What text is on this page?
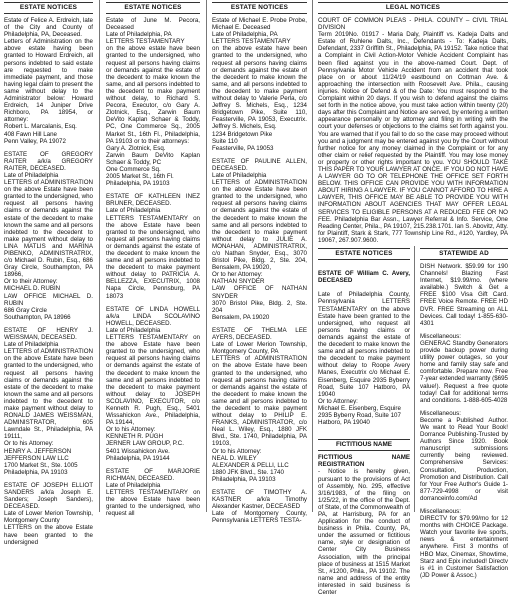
ESTATE NOTICES
Estate of Felice A. Erdreich, late of the City and County of Philadelphia, PA, Deceased.
Letters of Administration on the above estate having been granted to Howard Erdreich, all persons indebted to said estate are requested to make immediate payment, and those having legal claim to present the same without delay to the Administrator below: Howard Erdreich, 14 Juniper Drive Richboro, PA 18954, or attorney:
Robert L. Marcalanis, Esq.
408 Fawn Hill Lane
Penn Valley, PA 19072
ESTATE OF GREGORY RAITER a/k/a GREGORY RAITER, DECEASED.
Late of Philadelphia
LETTERS of ADMINISTRATION on the above Estate have been granted to the undersigned, who request all persons having claims or demands against the estate of the decedent to make known the same and all persons indebted to the decedent to make payment without delay to LINA MATLIS and MARINA PIBENKO, ADMINISTRATRIX, c/o Michael D. Rubin, Esq., 686 Gray Circle, Southampton, PA 18966,
Or to their Attorney:
MICHAEL D. RUBIN
LAW OFFICE MICHAEL D. RUBIN
686 Gray Circle
Southampton, PA 18966
ESTATE OF HENRY J. WEISSMAN, DECEASED.
Late of Philadelphia
LETTERS of ADMINISTRATION on the above Estate have been granted to the undersigned, who request all persons having claims or demands against the estate of the decedent to make known the same and all persons indebted to the decedent to make payment without delay to RONALD JAMES WEISSMAN, ADMINISTRATOR, 605 Lawndale St., Philadelphia, PA 19111,
Or to his Attorney:
HENRY A. JEFFERSON
JEFFERSON LAW LLC
1700 Market St., Ste. 1005
Philadelphia, PA 19103
ESTATE OF JOSEPH ELLIOT SANDERS a/k/a Joseph E. Sanders; Joseph Sanders), DECEASED.
Late of Lower Merion Township, Montgomery County
LETTERS on the above Estate have been granted to the undersigned
ESTATE NOTICES
Estate of June M. Pecora, Deceased
Late of Philadelphia, PA
LETTERS TESTAMENTARY
on the above estate have been granted to the undersigned, who request all persons having claims or demands against the estate of the decedent to make known the same, and all persons indebted to the decedent to make payment without delay, to Richard S. Pecora, Executor, c/o Gary A. Zlotnick, Esq., Zarwin Baum DeVito Kaplan Schaer & Toddy, PC, One Commerce Sq., 2005 Market St., 16th Fl., Philadelphia, PA 19103 or to their attorneys:
Gary A. Zlotnick, Esq.
Zarwin Baum DeVito Kaplan Schaer & Toddy, PC
One Commerce Sq.
2005 Market St., 16th Fl.
Philadelphia, PA 19103
ESTATE OF KATHLEEN INEZ BRUNER, DECEASED.
Late of Philadelphia
LETTERS TESTAMENTARY on the above Estate have been granted to the undersigned, who request all persons having claims or demands against the estate of the decedent to make known the same and all persons indebted to the decedent to make payment without delay to PATRICIA A. BELLEZZA, EXECUTRIX, 1008 Napa Circle, Pennsburg, PA 18073
ESTATE OF LINDA HOWELL a/k/a LINDA SCOLAVINO HOWELL, DECEASED.
Late of Philadelphia
LETTERS TESTAMENTARY on the above Estate have been granted to the undersigned, who request all persons having claims or demands against the estate of the decedent to make known the same and all persons indebted to the decedent to make payment without delay to JOSEPH SCOLAVINO, EXECUTOR, c/o Kenneth R. Pugh, Esq., 5401 Wissahickon Ave., Philadelphia, PA 19144,
Or to his Attorney:
KENNETH R. PUGH
JERNER LAW GROUP, P.C.
5401 Wissahickon Ave.
Philadelphia, PA 19144
ESTATE OF MARJORIE RICHMAN, DECEASED.
Late of Philadelphia
LETTERS TESTAMENTARY on the above Estate have been granted to the undersigned, who request all
ESTATE NOTICES
Estate of Michael E. Probe Probe, Michael E. Deceased
Late of Philadelphia, PA
LETTERS TESTAMENTARY
on the above estate have been granted to the undersigned, who request all persons having claims or demands against the estate of the decedent to make known the same, and all persons indebted to the decedent to make payment without delay to Valerie Perla, c/o Jeffrey S. Michels, Esq., 1234 Bridgetown Pike, Suite 110, Feasterville, PA 19053, Executrix. Jeffrey S. Michels, Esq.
1234 Bridgetown Pike
Suite 110
Feasterville, PA 19053
ESTATE OF PAULINE ALLEN, DECEASED.
Late of Philadelphia
LETTERS of ADMINISTRATION on the above Estate have been granted to the undersigned, who request all persons having claims or demands against the estate of the decedent to make known the same and all persons indebted to the decedent to make payment without delay to JULIE A. MONAHAN, ADMINISTRATRIX, c/o Nathan Snyder, Esq., 3070 Bristol Pike, Bldg. 2, Ste. 204, Bensalem, PA 19020,
Or to her Attorney:
NATHAN SNYDER
LAW OFFICE OF NATHAN SNYDER
3070 Bristol Pike, Bldg. 2, Ste. 204
Bensalem, PA 19020
ESTATE OF THELMA LEE AYERS, DECEASED.
Late of Lower Merion Township, Montgomery County, PA
LETTERS of ADMINISTRATION on the above Estate have been granted to the undersigned, who request all persons having claims or demands against the estate of the decedent to make known the same and all persons indebted to the decedent to make payment without delay to PHILIP E. FRANKS, ADMINISTRATOR, c/o Neal L. Wiley, Esq., 1880 JFK Blvd., Ste. 1740, Philadelphia, PA 19103,
Or to his Attorney:
NEAL D. WILEY
ALEXANDER & PELLI, LLC
1880 JFK Blvd., Ste. 1740
Philadelphia, PA 19103
ESTATE OF TIMOTHY A. KASTNER a/k/a Timothy Alexander Kastner, DECEASED
Late of Montgomery County, Pennsylvania LETTERS TESTA-
LEGAL NOTICES
COURT OF COMMON PLEAS - PHILA. COUNTY – CIVIL TRIAL DIVISION
Term 2019No. 01917 - Maria Daly, Plaintiff vs. Kadeja Dalts and Estate of Ruhlene Dalts, Inc., Defendants - To: Kadeja Dalts, Defendant, 2337 Griffith St., Philadelphia, PA 19152. Take notice that a Complaint in Civil Action-Motor Vehicle Accident Complaint has been filed against you in the above-named Court. Dept. of Pennsylvania Motor Vehicle Accident from an accident that took place on or about 11/24/19 eastbound on Cottman Ave. & approaching the intersection with Roosevelt Ave. Phila., causing injuries. Notice of Defend & of the Date: You must respond to the Complaint within 20 days. If you wish to defend against the claims set forth in the notice above, you must take action within twenty (20) days after this Complaint and Notice are served, by entering a written appearance personally or by attorney and filing in writing with the court your defenses or objections to the claims set forth against you. You are warned that if you fail to do so the case may proceed without you and a judgment may be entered against you by the Court without further notice for any money claimed in the Complaint or for any other claim or relief requested by the Plaintiff. You may lose money or property or other rights important to you. YOU SHOULD TAKE THIS PAPER TO YOUR LAWYER AT ONCE. IF YOU DO NOT HAVE A LAWYER GO TO OR TELEPHONE THE OFFICE SET FORTH BELOW. THIS OFFICE CAN PROVIDE YOU WITH INFORMATION ABOUT HIRING A LAWYER. IF YOU CANNOT AFFORD TO HIRE A LAWYER, THIS OFFICE MAY BE ABLE TO PROVIDE YOU WITH INFORMATION ABOUT AGENCIES THAT MAY OFFER LEGAL SERVICES TO ELIGIBLE PERSONS AT A REDUCED FEE OR NO FEE. Philadelphia Bar Assn., Lawyer Referral & Info. Service, One Reading Center, Phila., PA 19107, 215.238.1701. Ian S. Abovitz, Atty. for Plaintiff, Stark & Stark, 777 Township Line Rd., #120, Yardley, PA 19067, 267.907.9600.
ESTATE NOTICES

ESTATE OF William C. Avery, DECEASED

Late of Philadelphia County, Pennsylvania LETTERS TESTAMENTARY on the above Estate have been granted to the undersigned, who request all persons having claims or demands against the estate of the decedent to make known the same and all persons indebted to the decedent to make payment without delay to Roope Avery Manes, Executrix c/o Michael E. Eisenberg, Esquire 2935 Byberry Road, Suite 107 Hatboro, PA 19040
Or to Attorney:
Michael E. Eisenberg, Esquire
2935 Byberry Road, Suite 107
Hatboro, PA 19040

FICTITIOUS NAME
FICTITIOUS NAME REGISTRATION
- Notice is hereby given, pursuant to the provisions of Act of Assembly, No. 295, effective 3/16/1983, of the filing on 1/25/22, in the office of the Dept. of State, of the Commonwealth of PA, at Harrisburg, PA for an Application for the conduct of business in Phila. County, PA, under the assumed or fictitious name, style or designation of Center City Business Association, with the principal place of business at 1515 Market St., #1200, Phila., PA 19102. The name and address of the entity interested in said business is Center
STATEWIDE AD
DISH Network. $59.99 for 190 Channels! Blazing Fast Internet, $19.99/mo. (where available.) Switch & Get a FREE $100 Visa Gift Card. FREE Voice Remote. FREE HD DVR. FREE Streaming on ALL Devices. Call today! 1-855-630-4301
Miscellaneous:
GENERAC Standby Generators provide backup power during utility power outages, so your home and family stay safe and comfortable. Prepare now. Free 7-year extended warranty ($695 value!). Request a free quote today! Call for additional terms and conditions. 1-888-605-4028
Miscellaneous:
Become a Published Author. We want to Read Your Book! Dorrance Publishing-Trusted by Authors Since 1920. Book manuscript submissions currently being reviewed. Comprehensive Services: Consultation, Production, Promotion and Distribution. Call for Your Free Author's Guide 1-877-729-4998 or visit dorranceinfo.com/Ad
Miscellaneous:
DIRECTV for $79.99/mo for 12 months with CHOICE Package. Watch your favorite live sports, news & entertainment anywhere. First 3 months of HBO Max, Cinemax, Showtime, Starz and Epix included! Directv is #1 in Customer Satisfaction (JD Power & Assoc.)
